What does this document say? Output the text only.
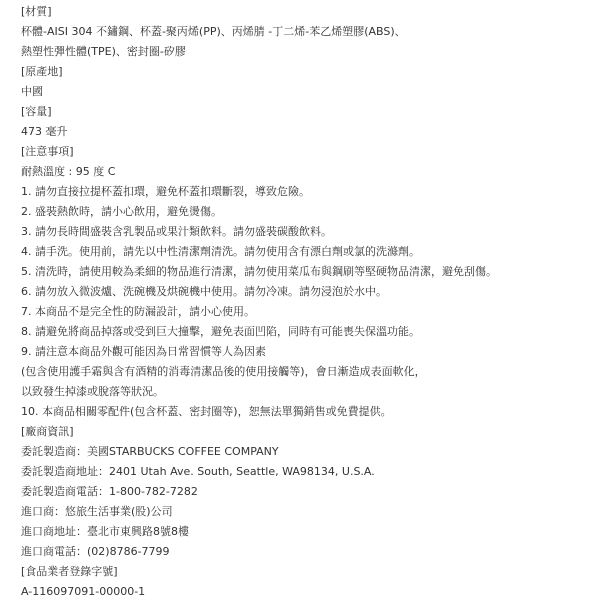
[材質]
杯體-AISI 304 不鏽鋼、杯蓋-聚丙烯(PP)、丙烯腈 -丁二烯-苯乙烯塑膠(ABS)、
熱塑性彈性體(TPE)、密封圈-矽膠
[原產地]
中國
[容量]
473 毫升
[注意事項]
耐熱溫度 : 95 度 C
1. 請勿直接拉提杯蓋扣環，避免杯蓋扣環斷裂，導致危險。
2. 盛裝熱飲時，請小心飲用，避免燙傷。
3. 請勿長時間盛裝含乳製品或果汁類飲料。請勿盛裝碳酸飲料。
4. 請手洗。使用前，請先以中性清潔劑清洗。請勿使用含有漂白劑或氯的洗滌劑。
5. 清洗時，請使用較為柔細的物品進行清潔，請勿使用菜瓜布與鋼刷等堅硬物品清潔，避免刮傷。
6. 請勿放入微波爐、洗碗機及烘碗機中使用。請勿冷凍。請勿浸泡於水中。
7. 本商品不是完全性的防漏設計，請小心使用。
8. 請避免將商品掉落或受到巨大撞擊，避免表面凹陷，同時有可能喪失保溫功能。
9. 請注意本商品外觀可能因為日常習慣等人為因素
(包含使用護手霜與含有酒精的消毒清潔品後的使用接觸等)，會日漸造成表面軟化，
以致發生掉漆或脫落等狀況。
10. 本商品相關零配件(包含杯蓋、密封圈等)，恕無法單獨銷售或免費提供。
[廠商資訊]
委託製造商：美國STARBUCKS COFFEE COMPANY
委託製造商地址：2401 Utah Ave. South, Seattle, WA98134, U.S.A.
委託製造商電話：1-800-782-7282
進口商：悠旅生活事業(股)公司
進口商地址：臺北市東興路8號8樓
進口商電話：(02)8786-7799
[食品業者登錄字號]
A-116097091-00000-1
